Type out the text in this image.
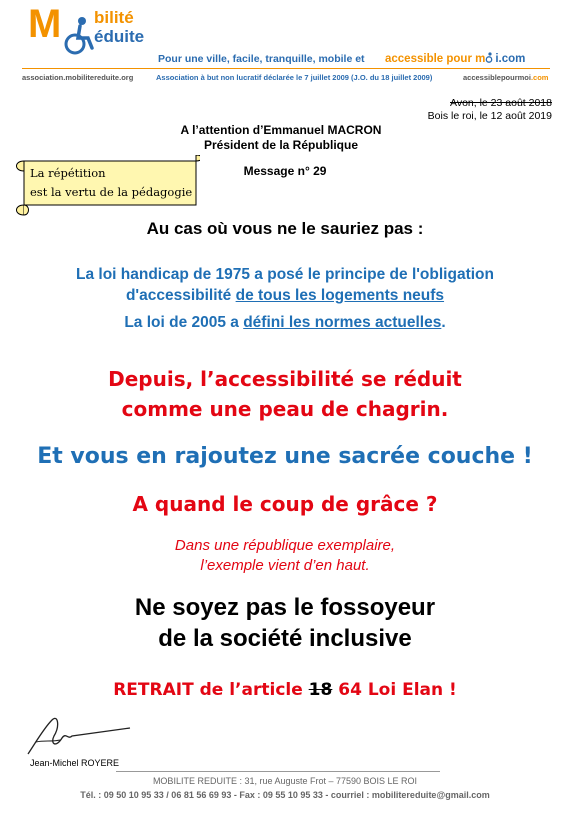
M bilité
éduite
Pour une ville, facile, tranquille, mobile et accessible pour m i.com
association.mobilitereduite.org	Association à but non lucratif déclarée le 7 juillet 2009 (J.O. du 18 juillet 2009)	accessiblepourmoi.com
Avon, le 23 août 2018
Bois le roi, le 12 août 2019
A l’attention d’Emmanuel MACRON
Président de la République
Message n° 29
La répétition
est la vertu de la pédagogie
Au cas où vous ne le sauriez pas :
La loi handicap de 1975 a posé le principe de l'obligation
d'accessibilité de tous les logements neufs
La loi de 2005 a défini les normes actuelles.
Depuis, l’accessibilité se réduit
comme une peau de chagrin.
Et vous en rajoutez une sacrée couche !
A quand le coup de grâce ?
Dans une république exemplaire,
l’exemple vient d’en haut.
Ne soyez pas le fossoyeur
de la société inclusive
RETRAIT de l’article 18 64 Loi Elan !
Jean-Michel ROYERE
MOBILITE REDUITE : 31, rue Auguste Frot – 77590 BOIS LE ROI
Tél. : 09 50 10 95 33 / 06 81 56 69 93 - Fax : 09 55 10 95 33 - courriel : mobilitereduite@gmail.com
